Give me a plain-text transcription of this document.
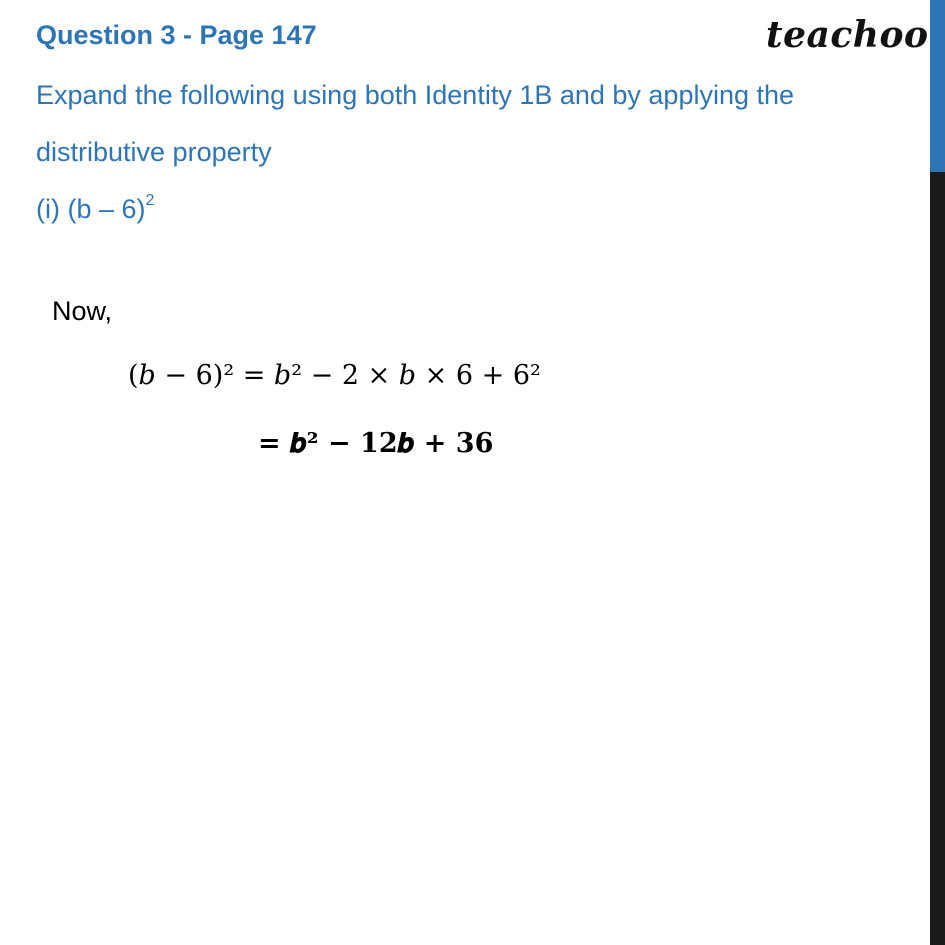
Question 3 - Page 147	teachoo
Expand the following using both Identity 1B and by applying the
distributive property
(i) (b – 6)$^2$
Now,
(𝑏 − 6)² = 𝑏² − 2 × 𝑏 × 6 + 6²
= 𝒃² − 𝟏𝟐𝒃 + 𝟑𝟔
